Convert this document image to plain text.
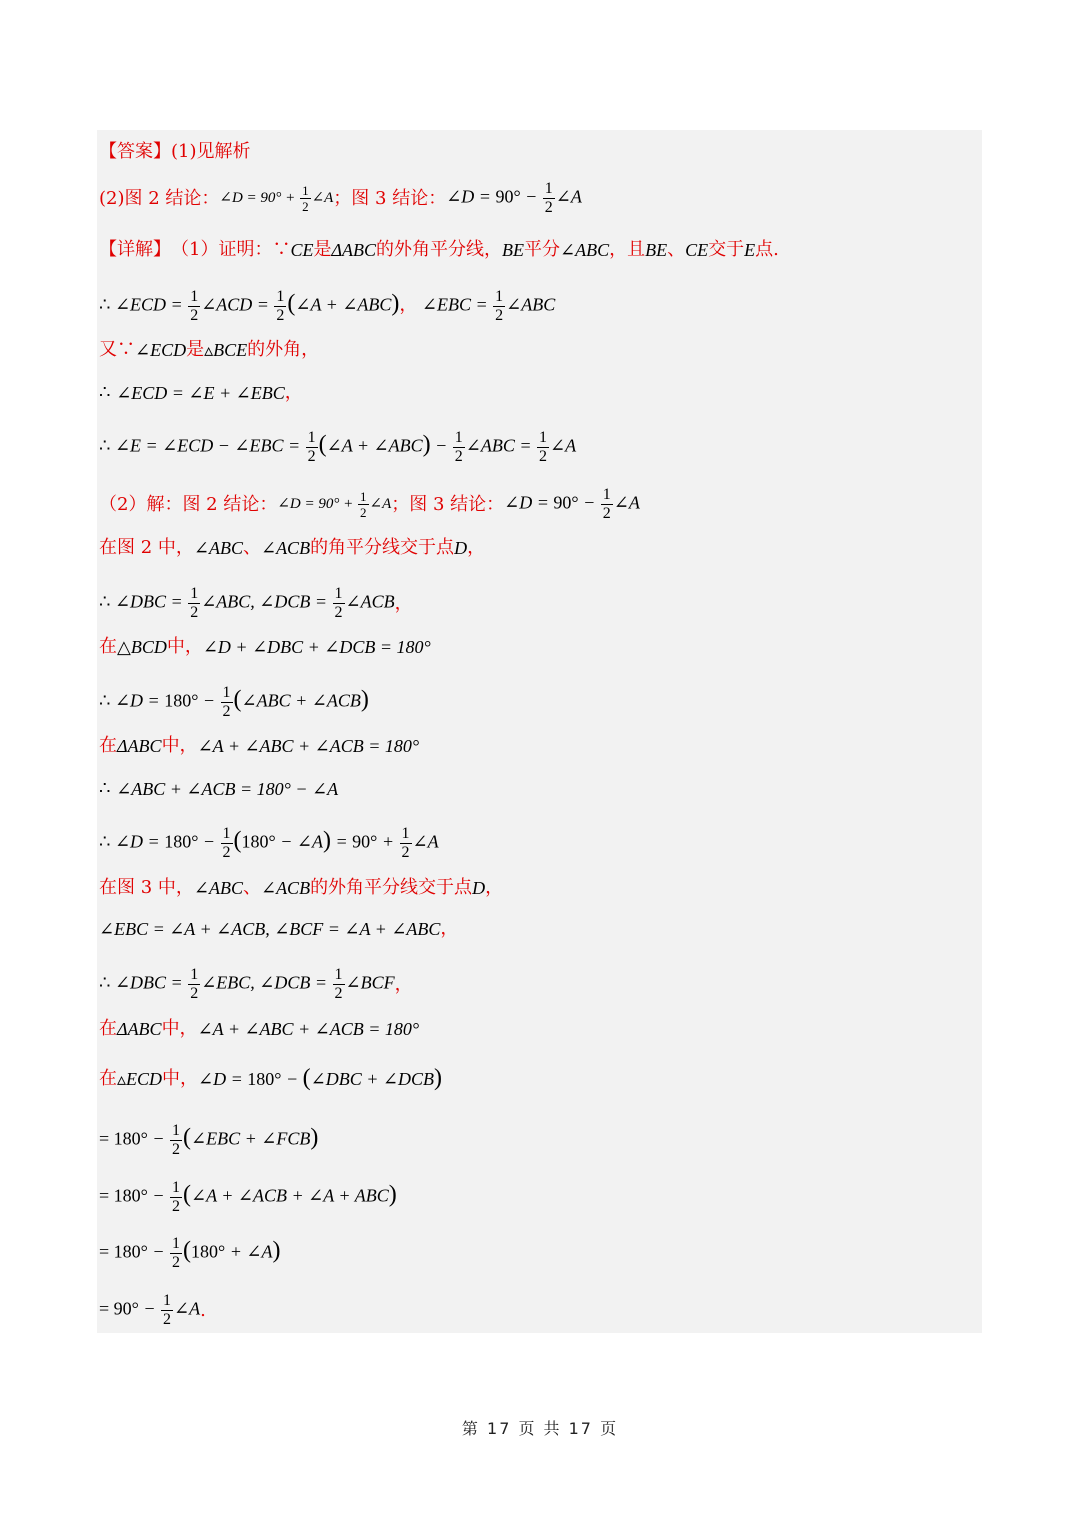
【答案】 (1)见解析
(2)图 2 结论： ∠D = $90^\circ + \frac{1}{2}$ ∠A ；图 3 结论： ∠D = $90^\circ - \frac{1}{2}$ ∠A
【详解】 （1）证明：∵ CE 是 ΔABC 的外角平分线， BE 平分 ∠ABC ，且 BE 、 CE 交于 E 点.
∴ ∠ECD = $\frac{1}{2}$ ∠ACD = $\frac{1}{2}$ (∠A + ∠ABC)， ∠EBC = $\frac{1}{2}$ ∠ABC
又∵ ∠ECD 是 ▵BCE 的外角，
∴
∠ECD = ∠E + ∠EBC ，
∴ ∠E = ∠ECD − ∠EBC = $\frac{1}{2}$ (∠A + ∠ABC) − $\frac{1}{2}$ ∠ABC = $\frac{1}{2}$ ∠A
（2）解：图 2 结论： ∠D = $90^\circ + \frac{1}{2}$ ∠A ；图 3 结论： ∠D = $90^\circ - \frac{1}{2}$ ∠A
在图 2 中， ∠ABC 、 ∠ACB 的角平分线交于点 D ，
∴ ∠DBC = $\frac{1}{2}$ ∠ABC, ∠DCB = $\frac{1}{2}$ ∠ACB ，
在 △BCD 中， ∠D + ∠DBC + ∠DCB = 180°
∴ ∠D = $180^\circ - \frac{1}{2}$ (∠ABC + ∠ACB)
在 ΔABC 中， ∠A + ∠ABC + ∠ACB = 180°
∴
∠ABC + ∠ACB = 180° − ∠A
∴ ∠D = $180^\circ - \frac{1}{2} (180^\circ$ − ∠A) = $90^\circ + \frac{1}{2}$ ∠A
在图 3 中， ∠ABC 、 ∠ACB 的外角平分线交于点 D ，
∠EBC = ∠A + ∠ACB, ∠BCF = ∠A + ∠ABC ，
∴ ∠DBC = $\frac{1}{2}$ ∠EBC, ∠DCB = $\frac{1}{2}$ ∠BCF ，
在 ΔABC 中， ∠A + ∠ABC + ∠ACB = 180°
在 ▵ECD 中， ∠D = 180° − (∠DBC + ∠DCB)
= $180^\circ - \frac{1}{2}$ (∠EBC + ∠FCB)
= $180^\circ - \frac{1}{2}$ (∠A + ∠ACB + ∠A + ABC)
= $180^\circ - \frac{1}{2} (180^\circ$ + ∠A)
= $90^\circ - \frac{1}{2}$ ∠A .
第 17 页 共 17 页
